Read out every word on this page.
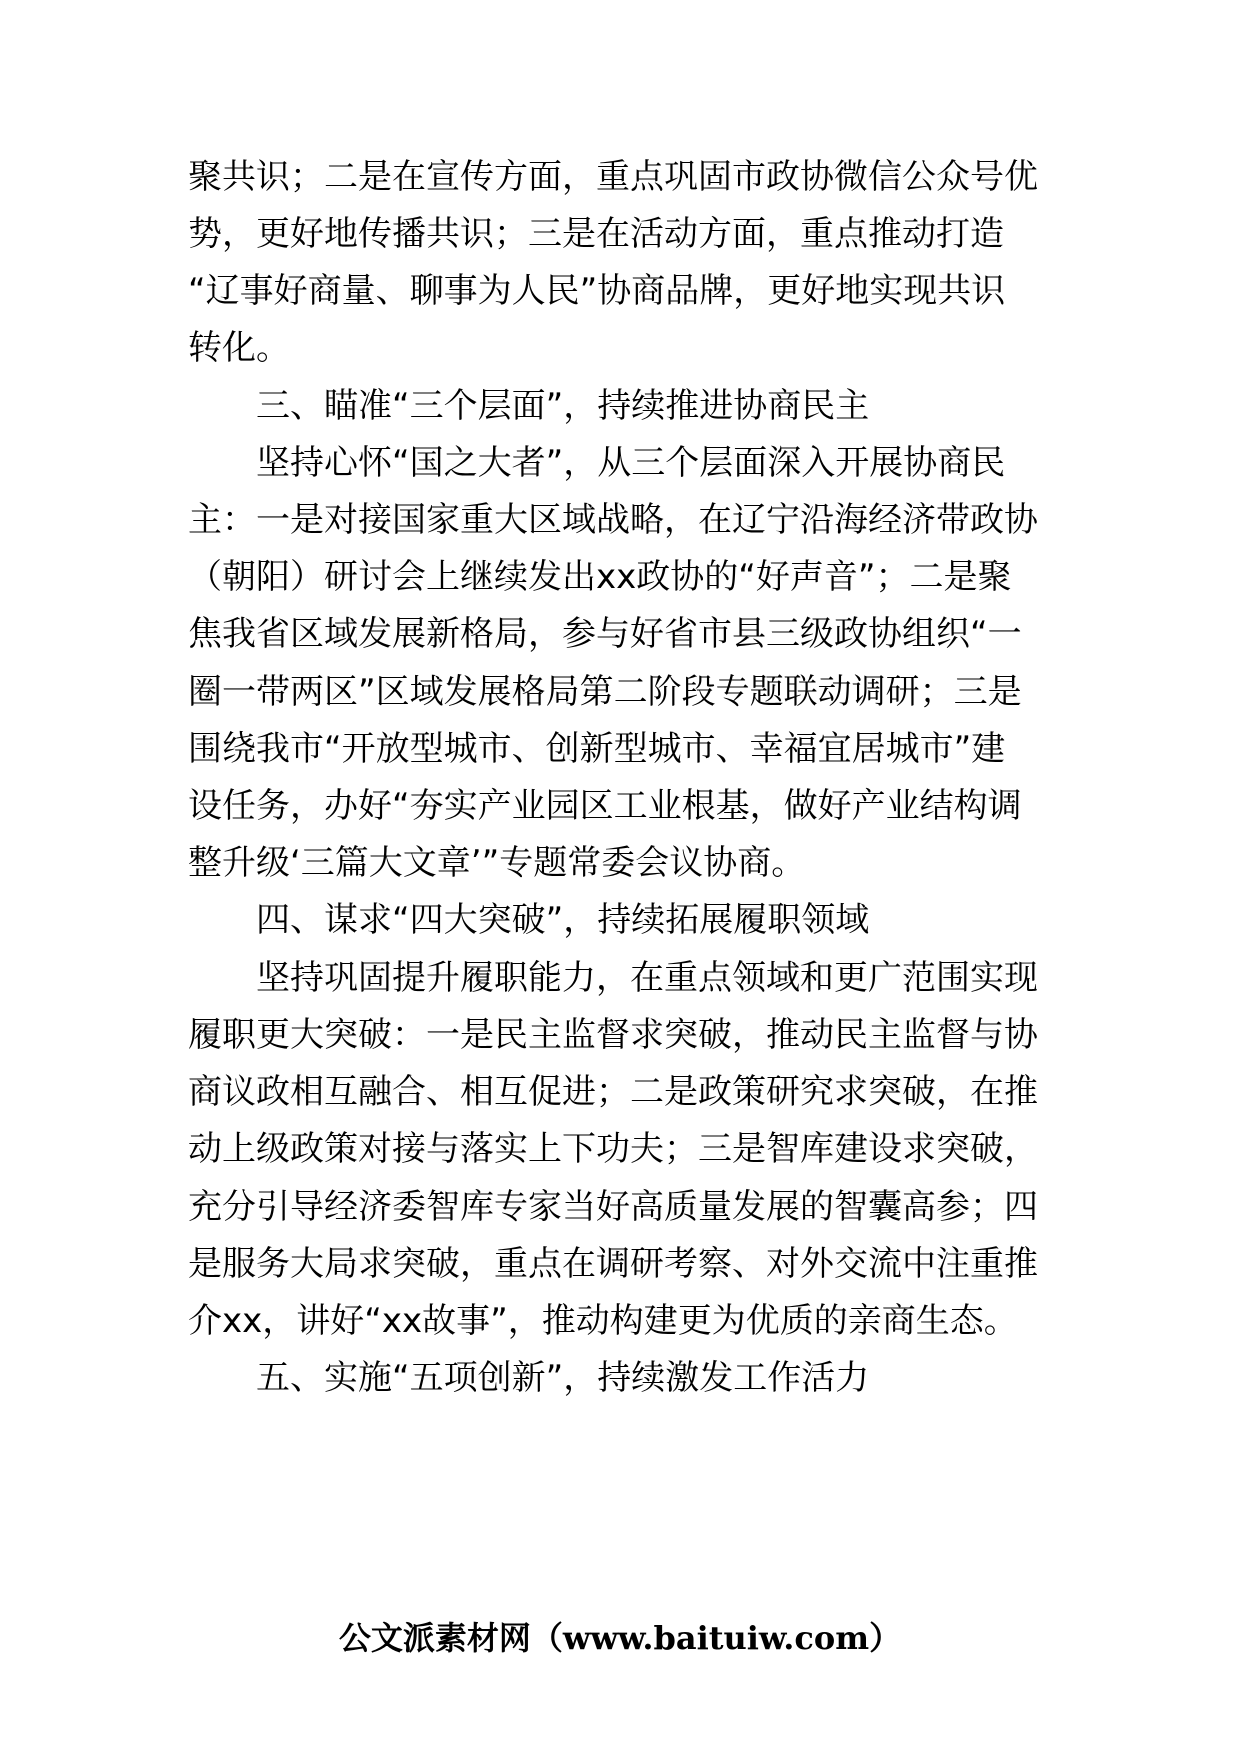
聚共识；二是在宣传方面，重点巩固市政协微信公众号优
势，更好地传播共识；三是在活动方面，重点推动打造
“辽事好商量、聊事为人民”协商品牌，更好地实现共识
转化。
三、瞄准“三个层面”，持续推进协商民主
坚持心怀“国之大者”，从三个层面深入开展协商民
主：一是对接国家重大区域战略，在辽宁沿海经济带政协
（朝阳）研讨会上继续发出xx政协的“好声音”；二是聚
焦我省区域发展新格局，参与好省市县三级政协组织“一
圈一带两区”区域发展格局第二阶段专题联动调研；三是
围绕我市“开放型城市、创新型城市、幸福宜居城市”建
设任务，办好“夯实产业园区工业根基，做好产业结构调
整升级‘三篇大文章’”专题常委会议协商。
四、谋求“四大突破”，持续拓展履职领域
坚持巩固提升履职能力，在重点领域和更广范围实现
履职更大突破：一是民主监督求突破，推动民主监督与协
商议政相互融合、相互促进；二是政策研究求突破，在推
动上级政策对接与落实上下功夫；三是智库建设求突破，
充分引导经济委智库专家当好高质量发展的智囊高参；四
是服务大局求突破，重点在调研考察、对外交流中注重推
介xx，讲好“xx故事”，推动构建更为优质的亲商生态。
五、实施“五项创新”，持续激发工作活力
公文派素材网（www.baituiw.com）
